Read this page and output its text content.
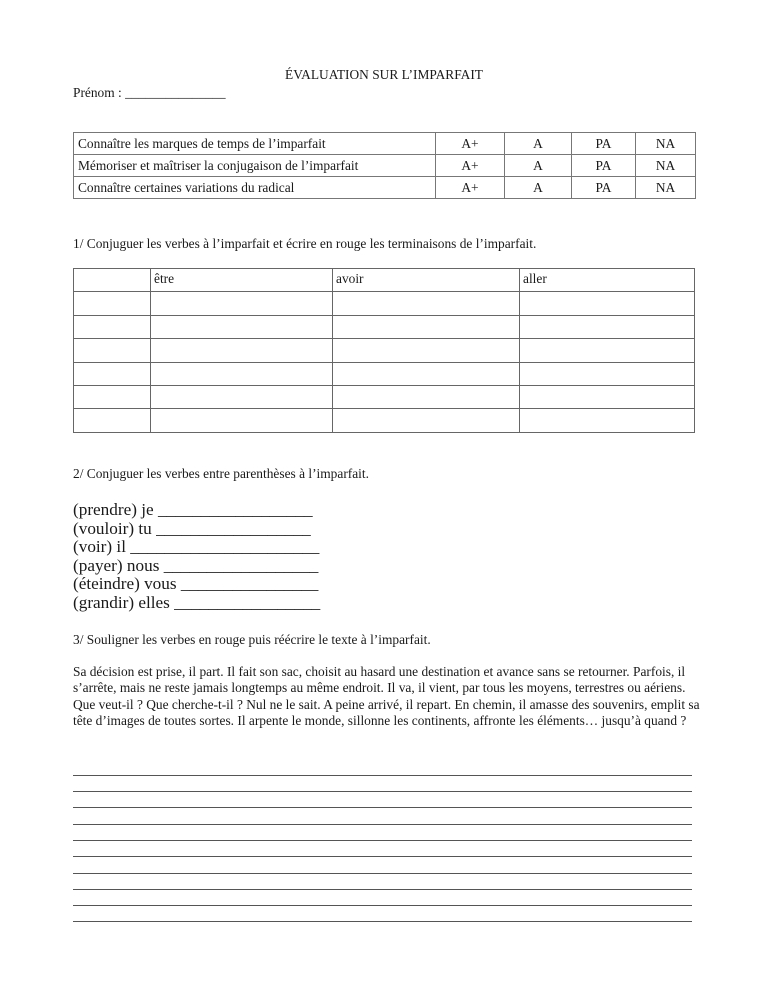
ÉVALUATION SUR L’IMPARFAIT
Prénom : _______________
Connaître les marques de temps de l’imparfait	A+	A	PA	NA
Mémoriser et maîtriser la conjugaison de l’imparfait	A+	A	PA	NA
Connaître certaines variations du radical	A+	A	PA	NA
1/ Conjuguer les verbes à l’imparfait et écrire en rouge les terminaisons de l’imparfait.
	être	avoir	aller

2/ Conjuguer les verbes entre parenthèses à l’imparfait.
(prendre) je __________________
(vouloir) tu __________________
(voir) il ______________________
(payer) nous __________________
(éteindre) vous ________________
(grandir) elles _________________
3/ Souligner les verbes en rouge puis réécrire le texte à l’imparfait.
Sa décision est prise, il part. Il fait son sac, choisit au hasard une destination et avance sans se retourner. Parfois, il s’arrête, mais ne reste jamais longtemps au même endroit. Il va, il vient, par tous les moyens, terrestres ou aériens. Que veut-il ? Que cherche-t-il ? Nul ne le sait. A peine arrivé, il repart. En chemin, il amasse des souvenirs, emplit sa tête d’images de toutes sortes. Il arpente le monde, sillonne les continents, affronte les éléments… jusqu’à quand ?
